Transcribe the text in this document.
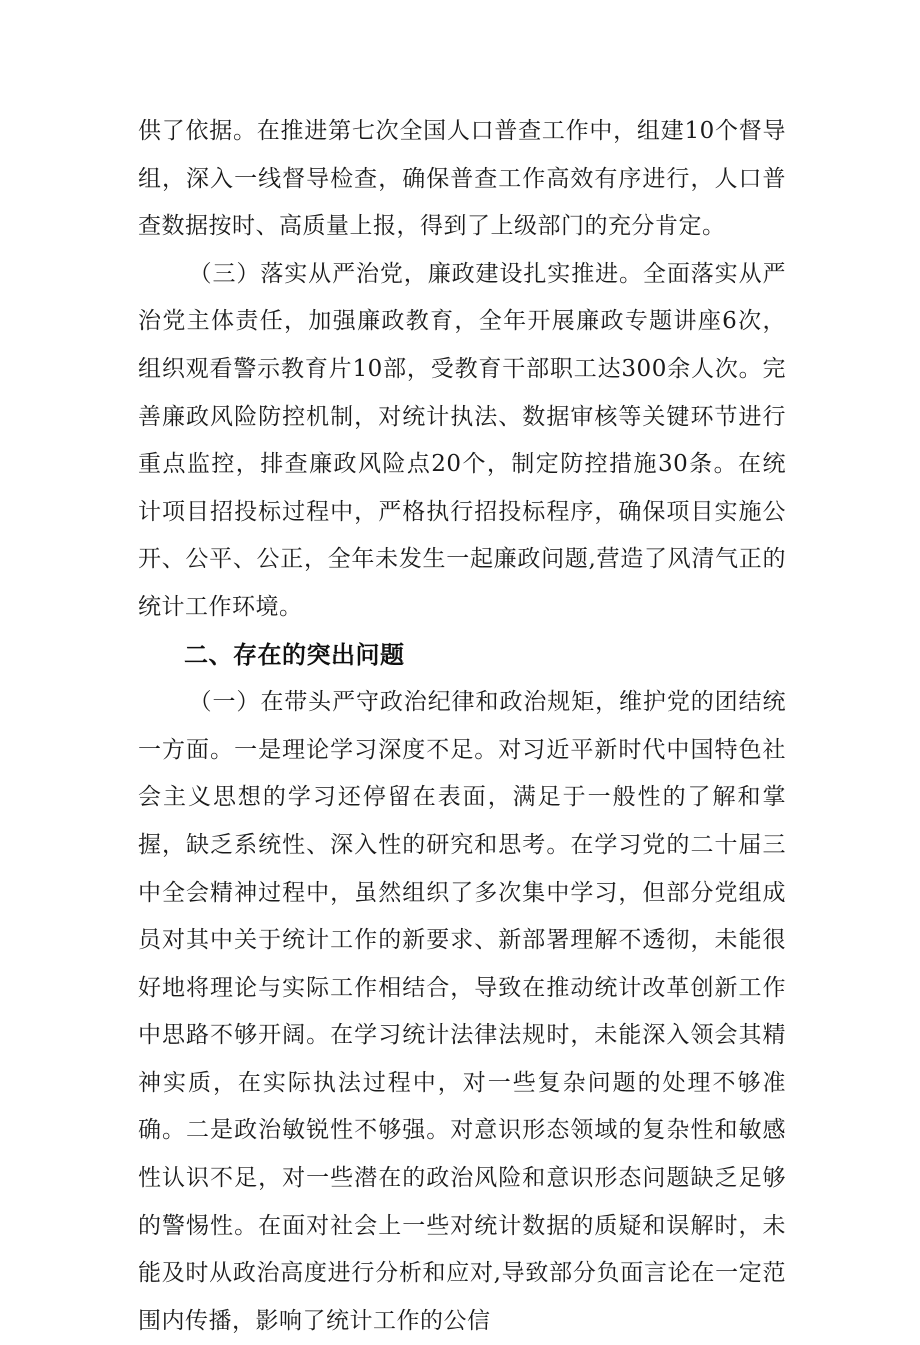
供了依据。在推进第七次全国人口普查工作中，组建10个督导组，深入一线督导检查，确保普查工作高效有序进行，人口普查数据按时、高质量上报，得到了上级部门的充分肯定。

（三）落实从严治党，廉政建设扎实推进。全面落实从严治党主体责任，加强廉政教育，全年开展廉政专题讲座6次，组织观看警示教育片10部，受教育干部职工达300余人次。完善廉政风险防控机制，对统计执法、数据审核等关键环节进行重点监控，排查廉政风险点20个，制定防控措施30条。在统计项目招投标过程中，严格执行招投标程序，确保项目实施公开、公平、公正，全年未发生一起廉政问题,营造了风清气正的统计工作环境。

二、存在的突出问题

（一）在带头严守政治纪律和政治规矩，维护党的团结统一方面。一是理论学习深度不足。对习近平新时代中国特色社会主义思想的学习还停留在表面，满足于一般性的了解和掌握，缺乏系统性、深入性的研究和思考。在学习党的二十届三中全会精神过程中，虽然组织了多次集中学习，但部分党组成员对其中关于统计工作的新要求、新部署理解不透彻，未能很好地将理论与实际工作相结合，导致在推动统计改革创新工作中思路不够开阔。在学习统计法律法规时，未能深入领会其精神实质，在实际执法过程中，对一些复杂问题的处理不够准确。二是政治敏锐性不够强。对意识形态领域的复杂性和敏感性认识不足，对一些潜在的政治风险和意识形态问题缺乏足够的警惕性。在面对社会上一些对统计数据的质疑和误解时，未能及时从政治高度进行分析和应对,导致部分负面言论在一定范围内传播，影响了统计工作的公信
